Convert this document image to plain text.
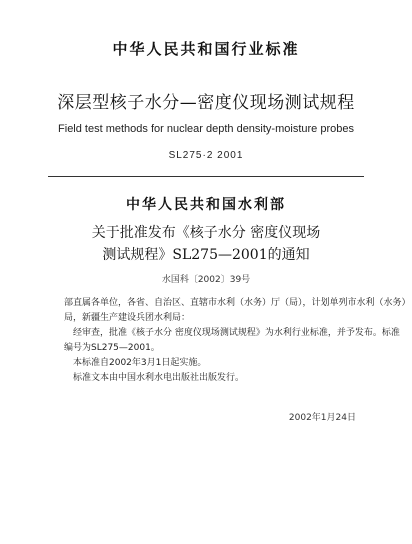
中华人民共和国行业标准
深层型核子水分—密度仪现场测试规程
Field test methods for nuclear depth density-moisture probes
SL275·2 2001
中华人民共和国水利部
关于批准发布《核子水分 密度仪现场
测试规程》SL275—2001的通知
水国科〔2002〕39号

部直属各单位，各省、自治区、直辖市水利（水务）厅（局），计划单列市水利（水务）

局，新疆生产建设兵团水利局：

经审查，批准《核子水分 密度仪现场测试规程》为水利行业标准，并予发布。标准

编号为SL275—2001。

本标准自2002年3月1日起实施。

标准文本由中国水利水电出版社出版发行。

2002年1月24日
